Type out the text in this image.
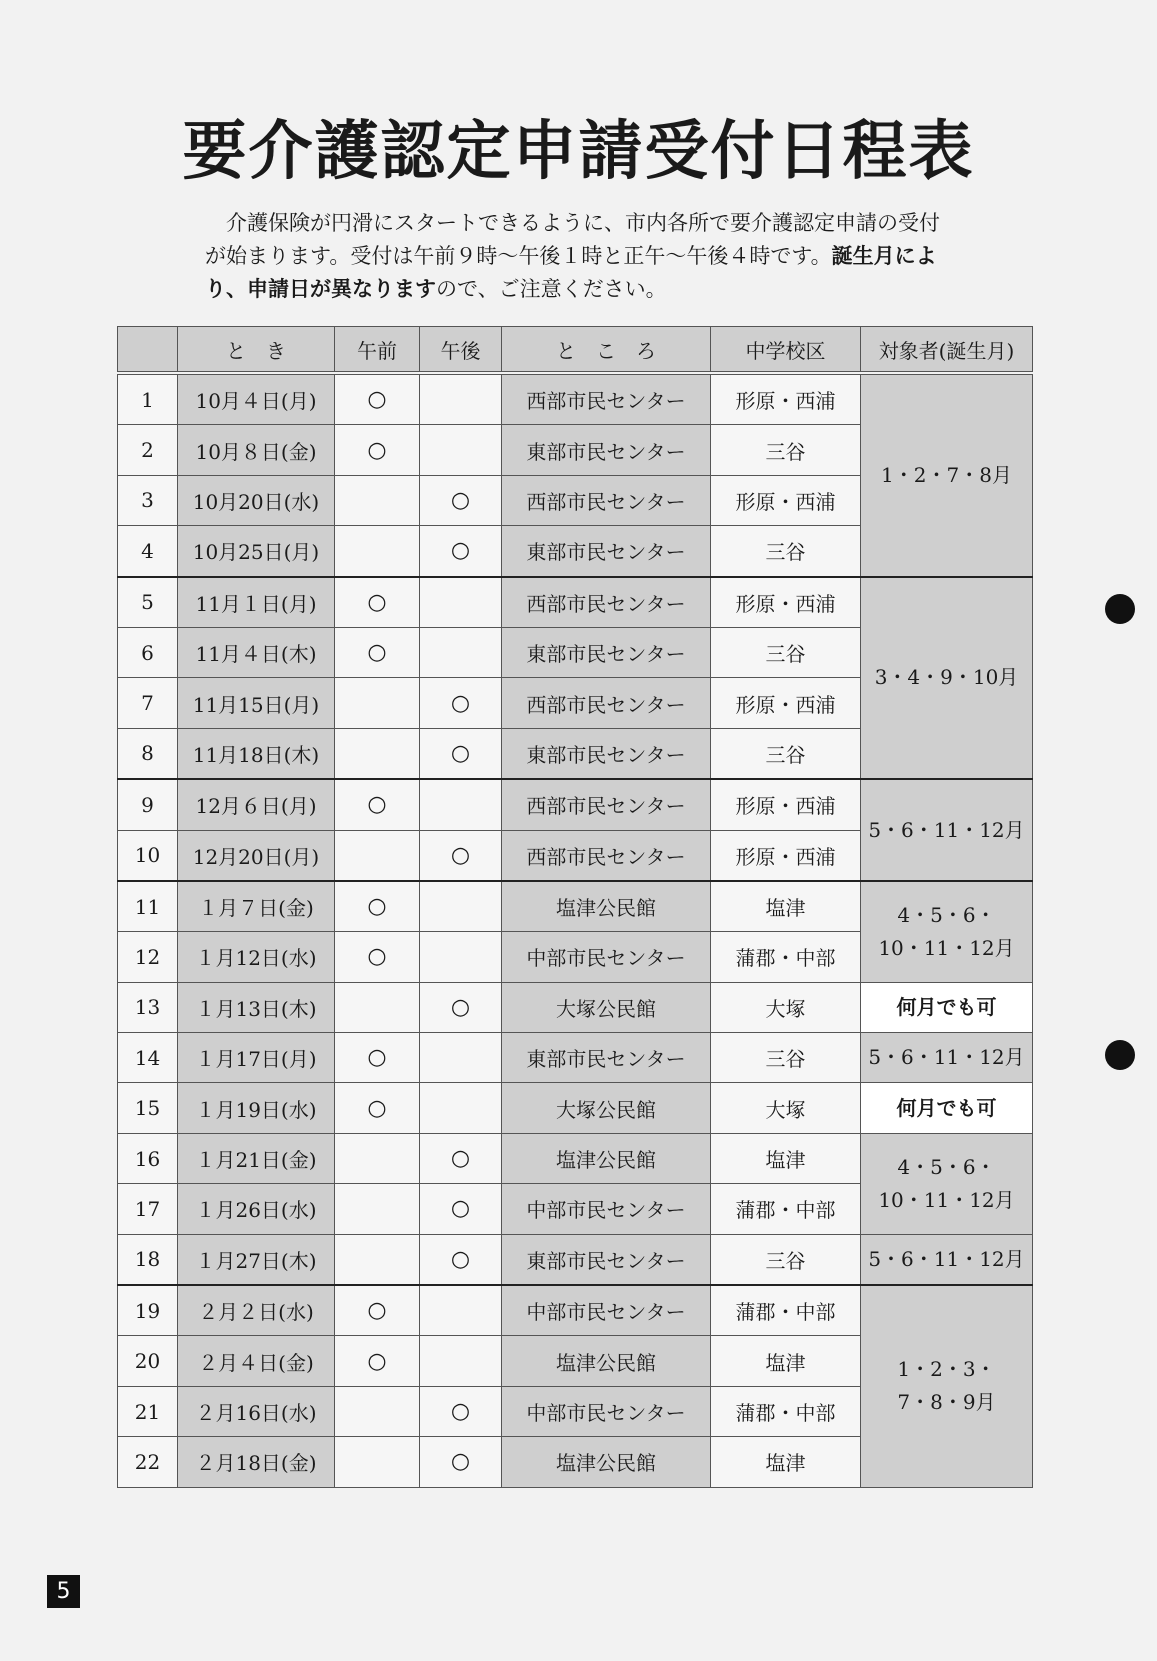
要介護認定申請受付日程表

介護保険が円滑にスタートできるように、市内各所で要介護認定申請の受付が始まります。受付は午前９時～午後１時と正午～午後４時です。誕生月により、申請日が異なりますので、ご注意ください。

	と　き	午前	午後	と　こ　ろ	中学校区	対象者(誕生月)
1	10月４日(月)	○		西部市民センター	形原・西浦	1・2・7・8月
2	10月８日(金)	○		東部市民センター	三谷	
3	10月20日(水)		○	西部市民センター	形原・西浦	
4	10月25日(月)		○	東部市民センター	三谷	
5	11月１日(月)	○		西部市民センター	形原・西浦	3・4・9・10月
6	11月４日(木)	○		東部市民センター	三谷	
7	11月15日(月)		○	西部市民センター	形原・西浦	
8	11月18日(木)		○	東部市民センター	三谷	
9	12月６日(月)	○		西部市民センター	形原・西浦	5・6・11・12月
10	12月20日(月)		○	西部市民センター	形原・西浦	
11	１月７日(金)	○		塩津公民館	塩津	4・5・6・
10・11・12月
12	１月12日(水)	○		中部市民センター	蒲郡・中部	
13	１月13日(木)		○	大塚公民館	大塚	何月でも可
14	１月17日(月)	○		東部市民センター	三谷	5・6・11・12月
15	１月19日(水)	○		大塚公民館	大塚	何月でも可
16	１月21日(金)		○	塩津公民館	塩津	4・5・6・
10・11・12月
17	１月26日(水)		○	中部市民センター	蒲郡・中部	
18	１月27日(木)		○	東部市民センター	三谷	5・6・11・12月
19	２月２日(水)	○		中部市民センター	蒲郡・中部	1・2・3・
7・8・9月
20	２月４日(金)	○		塩津公民館	塩津	
21	２月16日(水)		○	中部市民センター	蒲郡・中部	
22	２月18日(金)		○	塩津公民館	塩津	
5
